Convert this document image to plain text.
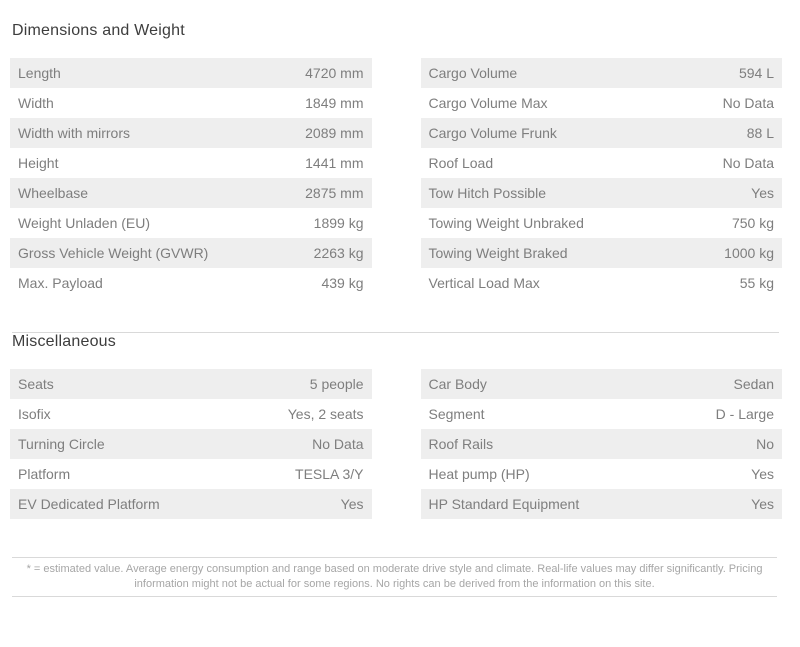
Dimensions and Weight
Length	4720 mm
Width	1849 mm
Width with mirrors	2089 mm
Height	1441 mm
Wheelbase	2875 mm
Weight Unladen (EU)	1899 kg
Gross Vehicle Weight (GVWR)	2263 kg
Max. Payload	439 kg
Cargo Volume	594 L
Cargo Volume Max	No Data
Cargo Volume Frunk	88 L
Roof Load	No Data
Tow Hitch Possible	Yes
Towing Weight Unbraked	750 kg
Towing Weight Braked	1000 kg
Vertical Load Max	55 kg
Miscellaneous
Seats	5 people
Isofix	Yes, 2 seats
Turning Circle	No Data
Platform	TESLA 3/Y
EV Dedicated Platform	Yes
Car Body	Sedan
Segment	D - Large
Roof Rails	No
Heat pump (HP)	Yes
HP Standard Equipment	Yes
* = estimated value. Average energy consumption and range based on moderate drive style and climate. Real-life values may differ significantly. Pricing information might not be actual for some regions. No rights can be derived from the information on this site.
